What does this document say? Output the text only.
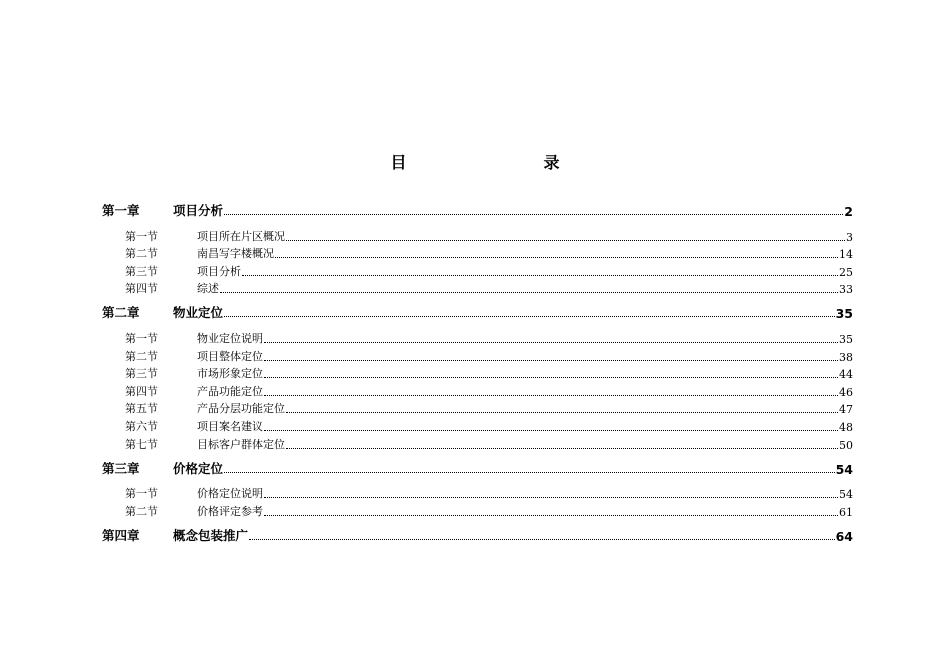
目　　录
第一章	项目分析	2
第一节	项目所在片区概况	3
第二节	南昌写字楼概况	14
第三节	项目分析	25
第四节	综述	33
第二章	物业定位	35
第一节	物业定位说明	35
第二节	项目整体定位	38
第三节	市场形象定位	44
第四节	产品功能定位	46
第五节	产品分层功能定位	47
第六节	项目案名建议	48
第七节	目标客户群体定位	50
第三章	价格定位	54
第一节	价格定位说明	54
第二节	价格评定参考	61
第四章	概念包装推广	64
